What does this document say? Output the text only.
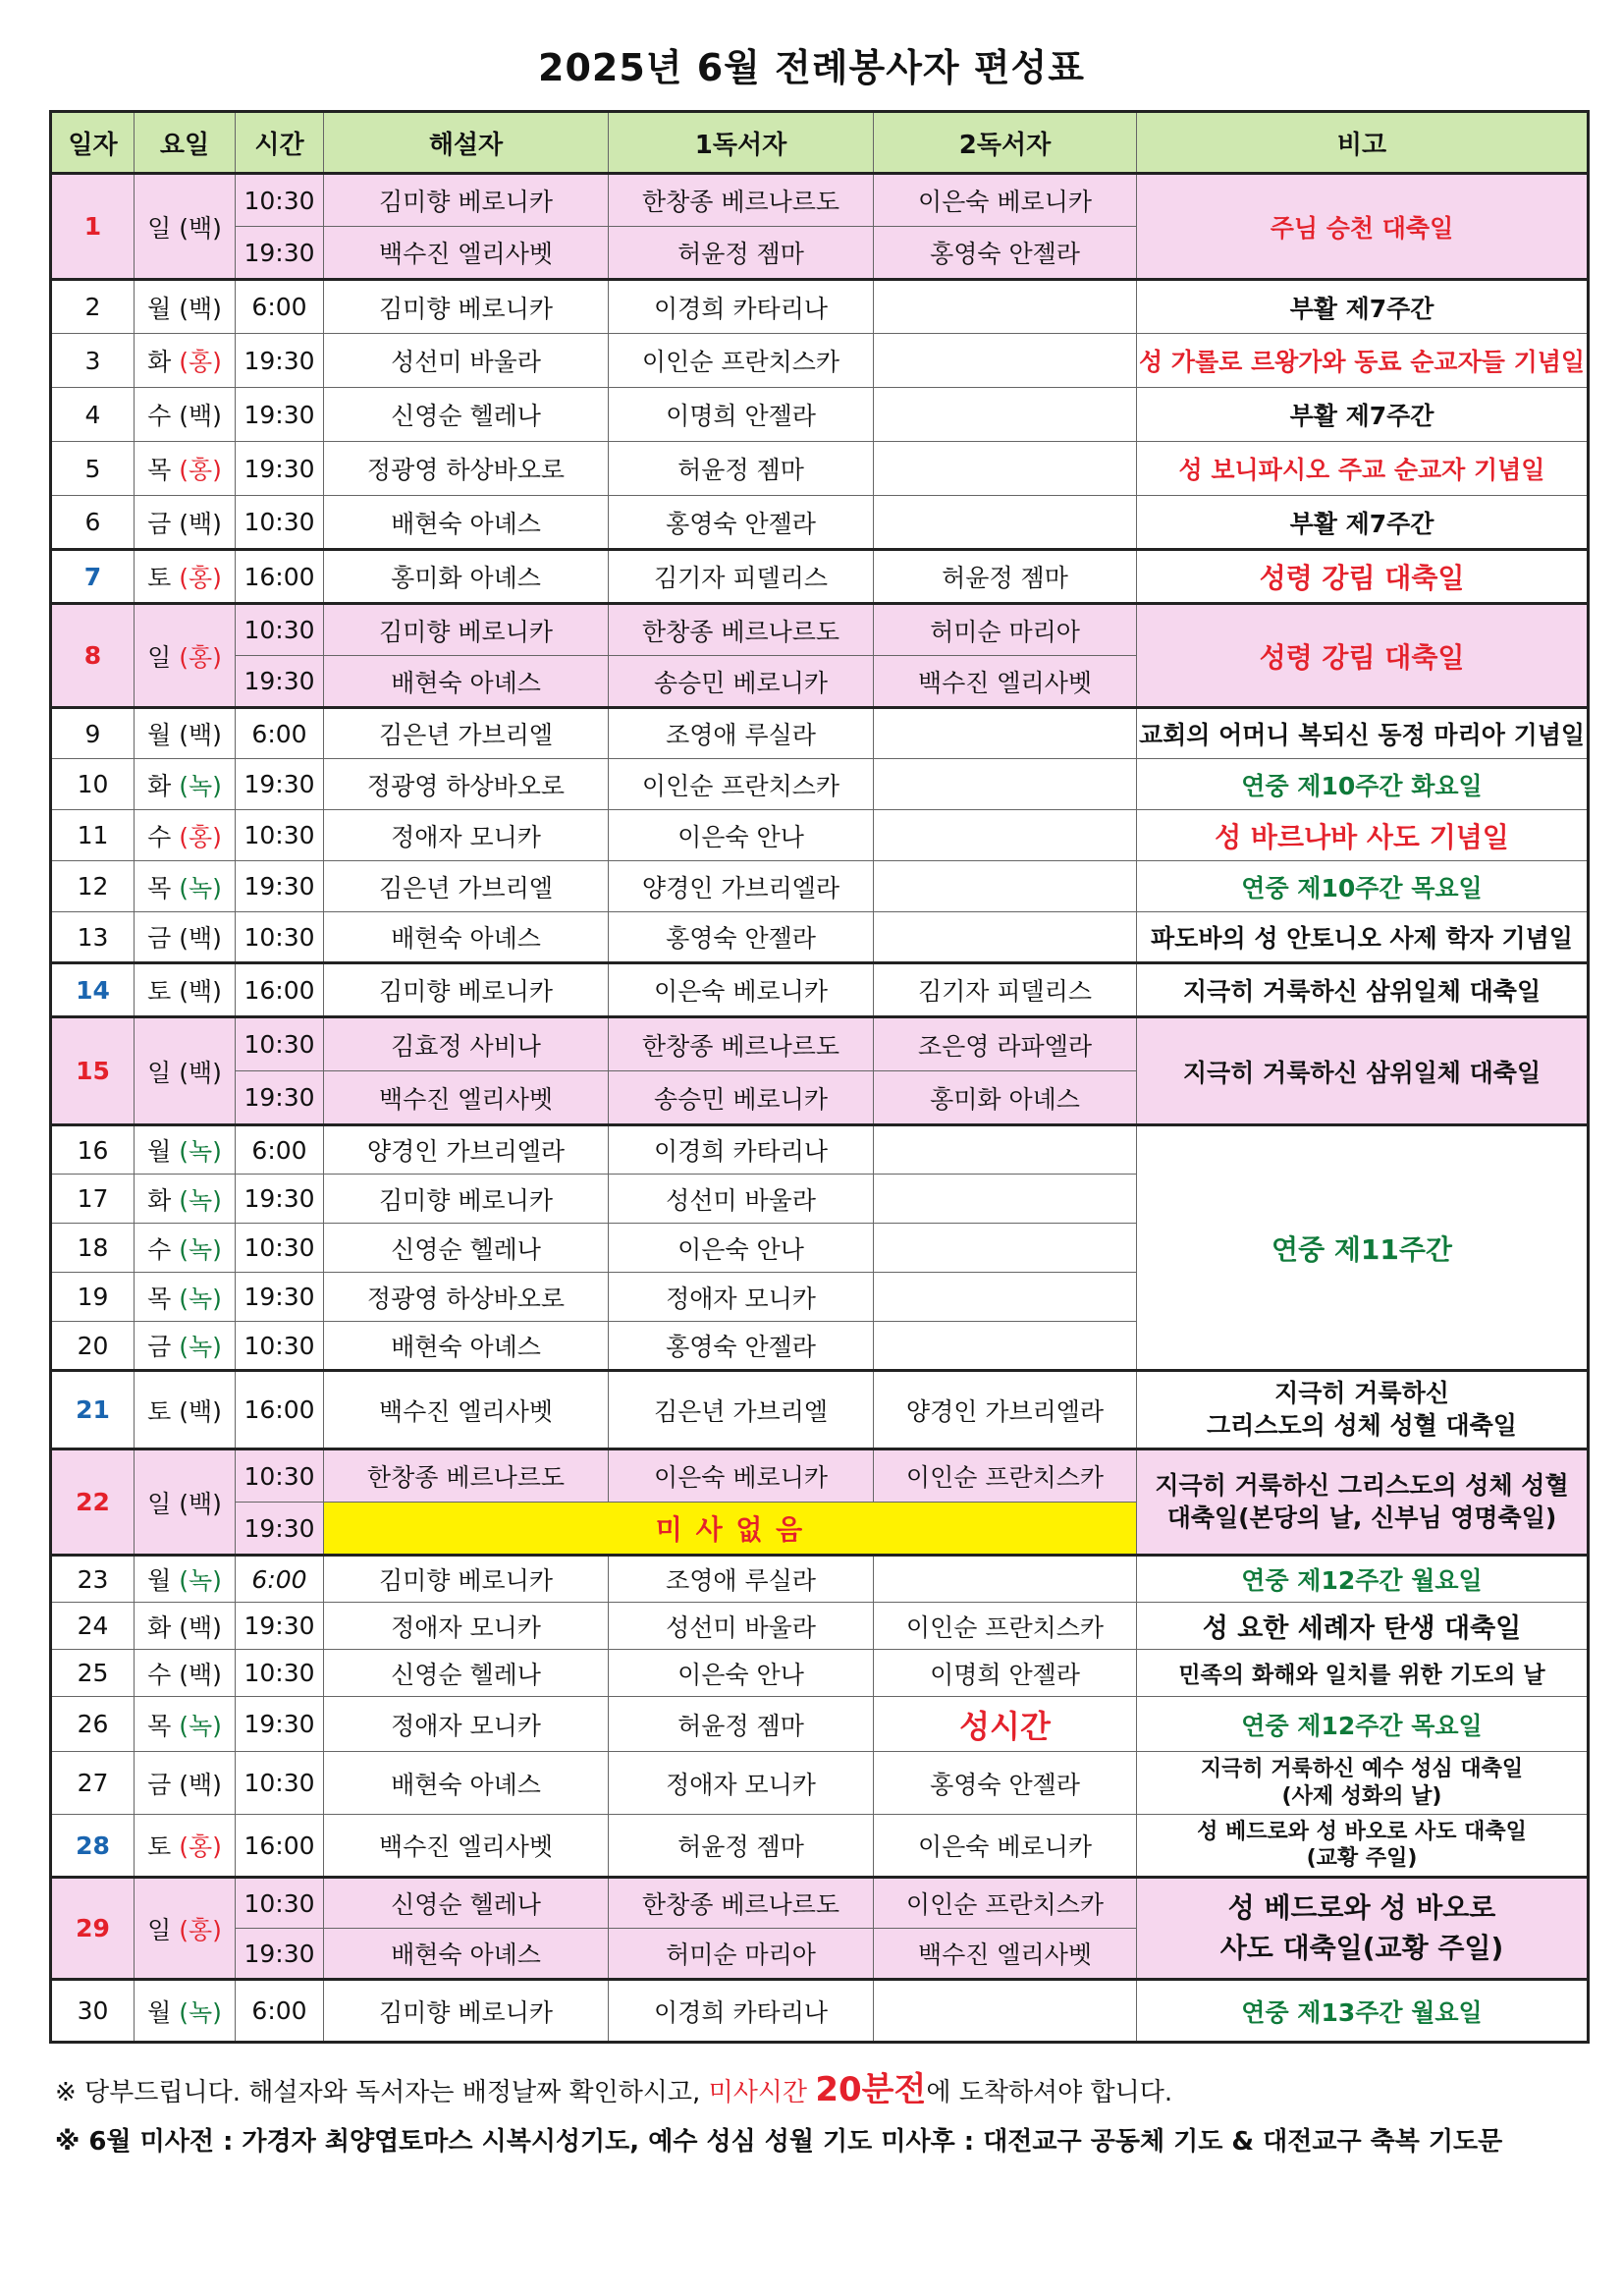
2025년 6월 전례봉사자 편성표
일자	요일	시간	해설자	1독서자	2독서자	비고
1	일 (백)	10:30	김미향 베로니카	한창종 베르나르도	이은숙 베로니카	주님 승천 대축일
		19:30	백수진 엘리사벳	허윤정 젬마	홍영숙 안젤라	
2	월 (백)	6:00	김미향 베로니카	이경희 카타리나		부활 제7주간
3	화 (홍)	19:30	성선미 바울라	이인순 프란치스카		성 가롤로 르왕가와 동료 순교자들 기념일
4	수 (백)	19:30	신영순 헬레나	이명희 안젤라		부활 제7주간
5	목 (홍)	19:30	정광영 하상바오로	허윤정 젬마		성 보니파시오 주교 순교자 기념일
6	금 (백)	10:30	배현숙 아녜스	홍영숙 안젤라		부활 제7주간
7	토 (홍)	16:00	홍미화 아녜스	김기자 피델리스	허윤정 젬마	성령 강림 대축일
8	일 (홍)	10:30	김미향 베로니카	한창종 베르나르도	허미순 마리아	성령 강림 대축일
		19:30	배현숙 아녜스	송승민 베로니카	백수진 엘리사벳	
9	월 (백)	6:00	김은년 가브리엘	조영애 루실라		교회의 어머니 복되신 동정 마리아 기념일
10	화 (녹)	19:30	정광영 하상바오로	이인순 프란치스카		연중 제10주간 화요일
11	수 (홍)	10:30	정애자 모니카	이은숙 안나		성 바르나바 사도 기념일
12	목 (녹)	19:30	김은년 가브리엘	양경인 가브리엘라		연중 제10주간 목요일
13	금 (백)	10:30	배현숙 아녜스	홍영숙 안젤라		파도바의 성 안토니오 사제 학자 기념일
14	토 (백)	16:00	김미향 베로니카	이은숙 베로니카	김기자 피델리스	지극히 거룩하신 삼위일체 대축일
15	일 (백)	10:30	김효정 사비나	한창종 베르나르도	조은영 라파엘라	지극히 거룩하신 삼위일체 대축일
		19:30	백수진 엘리사벳	송승민 베로니카	홍미화 아녜스	
16	월 (녹)	6:00	양경인 가브리엘라	이경희 카타리나		연중 제11주간
17	화 (녹)	19:30	김미향 베로니카	성선미 바울라		
18	수 (녹)	10:30	신영순 헬레나	이은숙 안나		
19	목 (녹)	19:30	정광영 하상바오로	정애자 모니카		
20	금 (녹)	10:30	배현숙 아녜스	홍영숙 안젤라		
21	토 (백)	16:00	백수진 엘리사벳	김은년 가브리엘	양경인 가브리엘라	지극히 거룩하신
그리스도의 성체 성혈 대축일

22	일 (백)	10:30	한창종 베르나르도	이은숙 베로니카	이인순 프란치스카	지극히 거룩하신 그리스도의 성체 성혈
대축일(본당의 날, 신부님 영명축일)

		19:30	미 사 없 음			
23	월 (녹)	6:00	김미향 베로니카	조영애 루실라		연중 제12주간 월요일
24	화 (백)	19:30	정애자 모니카	성선미 바울라	이인순 프란치스카	성 요한 세례자 탄생 대축일
25	수 (백)	10:30	신영순 헬레나	이은숙 안나	이명희 안젤라	민족의 화해와 일치를 위한 기도의 날
26	목 (녹)	19:30	정애자 모니카	허윤정 젬마	성시간	연중 제12주간 목요일
27	금 (백)	10:30	배현숙 아녜스	정애자 모니카	홍영숙 안젤라	지극히 거룩하신 예수 성심 대축일
(사제 성화의 날)

28	토 (홍)	16:00	백수진 엘리사벳	허윤정 젬마	이은숙 베로니카	성 베드로와 성 바오로 사도 대축일
(교황 주일)

29	일 (홍)	10:30	신영순 헬레나	한창종 베르나르도	이인순 프란치스카	성 베드로와 성 바오로
사도 대축일(교황 주일)

		19:30	배현숙 아녜스	허미순 마리아	백수진 엘리사벳	
30	월 (녹)	6:00	김미향 베로니카	이경희 카타리나		연중 제13주간 월요일
※ 당부드립니다. 해설자와 독서자는 배정날짜 확인하시고, 미사시간 20분전에 도착하셔야 합니다.
※ 6월 미사전 : 가경자 최양엽토마스 시복시성기도, 예수 성심 성월 기도 미사후 : 대전교구 공동체 기도 & 대전교구 축복 기도문
